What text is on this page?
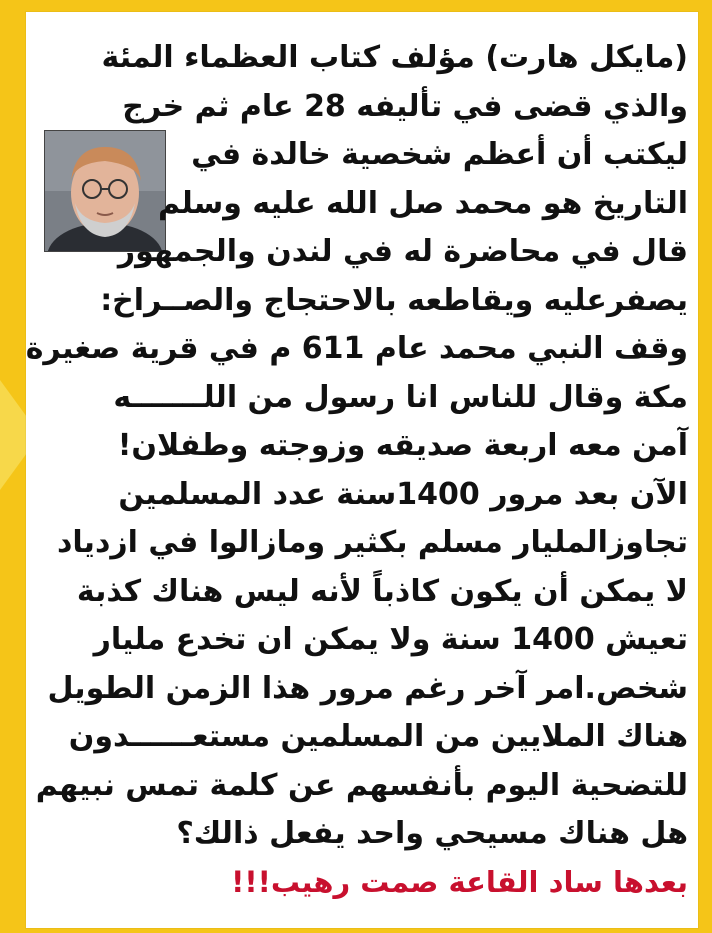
(مايكل هارت) مؤلف كتاب العظماء المئة
والذي قضى في تأليفه 28 عام ثم خرج
ليكتب أن أعظم شخصية خالدة في
التاريخ هو محمد صل الله عليه وسلم
قال في محاضرة له في لندن والجمهور
يصفرعليه ويقاطعه بالاحتجاج والصــراخ:
وقف النبي محمد عام 611 م في قرية صغيرة
مكة وقال للناس انا رسول من اللـــــــه
آمن معه اربعة صديقه وزوجته وطفلان!
الآن بعد مرور 1400سنة عدد المسلمين
تجاوزالمليار مسلم بكثير ومازالوا في ازدياد
لا يمكن أن يكون كاذباً لأنه ليس هناك كذبة
تعيش 1400 سنة ولا يمكن ان تخدع مليار
شخص.امر آخر رغم مرور هذا الزمن الطويل
هناك الملايين من المسلمين مستعــــــدون
للتضحية اليوم بأنفسهم عن كلمة تمس نبيهم
هل هناك مسيحي واحد يفعل ذالك؟
بعدها ساد القاعة صمت رهيب!!!
